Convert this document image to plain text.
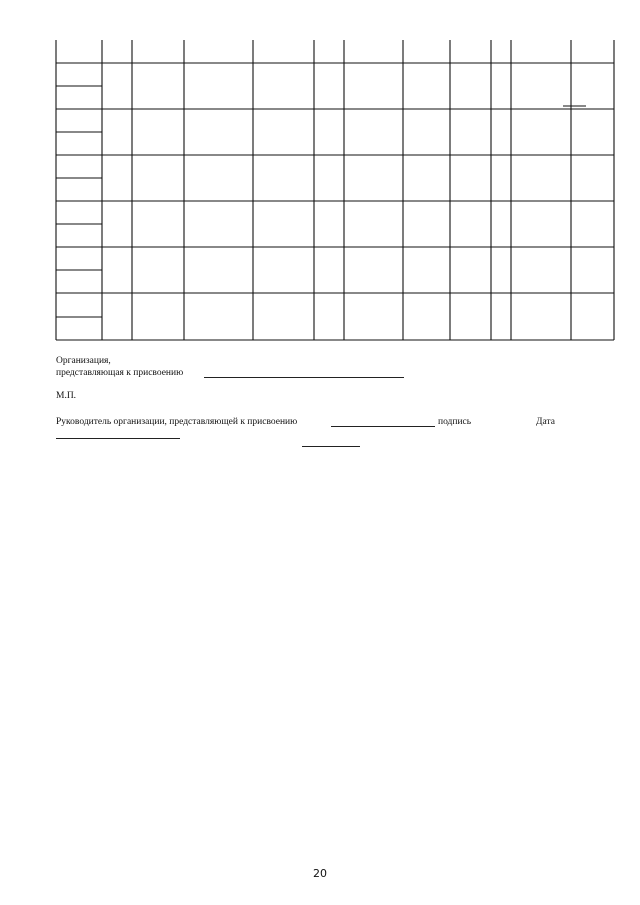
Организация,
представляющая к присвоению
М.П.
Руководитель организации, представляющей к присвоению	подпись	Дата
20
